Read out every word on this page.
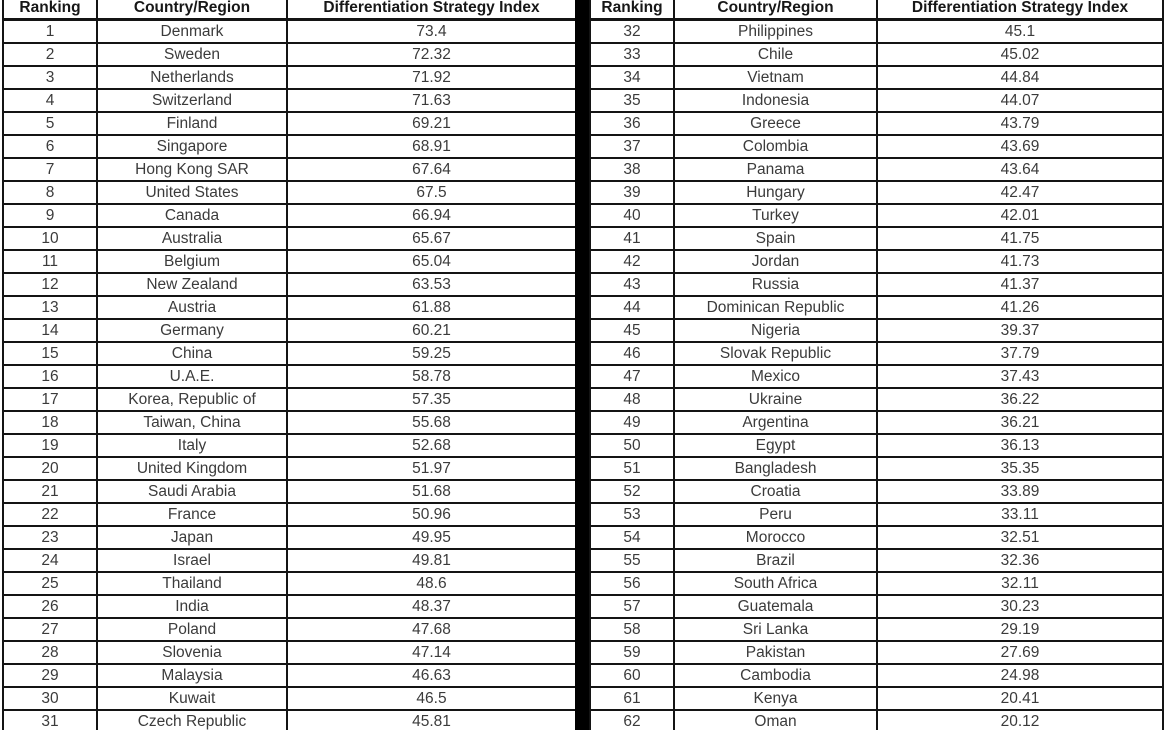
Ranking	Country/Region	Differentiation Strategy Index
1	Denmark	73.4
2	Sweden	72.32
3	Netherlands	71.92
4	Switzerland	71.63
5	Finland	69.21
6	Singapore	68.91
7	Hong Kong SAR	67.64
8	United States	67.5
9	Canada	66.94
10	Australia	65.67
11	Belgium	65.04
12	New Zealand	63.53
13	Austria	61.88
14	Germany	60.21
15	China	59.25
16	U.A.E.	58.78
17	Korea, Republic of	57.35
18	Taiwan, China	55.68
19	Italy	52.68
20	United Kingdom	51.97
21	Saudi Arabia	51.68
22	France	50.96
23	Japan	49.95
24	Israel	49.81
25	Thailand	48.6
26	India	48.37
27	Poland	47.68
28	Slovenia	47.14
29	Malaysia	46.63
30	Kuwait	46.5
31	Czech Republic	45.81
Ranking	Country/Region	Differentiation Strategy Index
32	Philippines	45.1
33	Chile	45.02
34	Vietnam	44.84
35	Indonesia	44.07
36	Greece	43.79
37	Colombia	43.69
38	Panama	43.64
39	Hungary	42.47
40	Turkey	42.01
41	Spain	41.75
42	Jordan	41.73
43	Russia	41.37
44	Dominican Republic	41.26
45	Nigeria	39.37
46	Slovak Republic	37.79
47	Mexico	37.43
48	Ukraine	36.22
49	Argentina	36.21
50	Egypt	36.13
51	Bangladesh	35.35
52	Croatia	33.89
53	Peru	33.11
54	Morocco	32.51
55	Brazil	32.36
56	South Africa	32.11
57	Guatemala	30.23
58	Sri Lanka	29.19
59	Pakistan	27.69
60	Cambodia	24.98
61	Kenya	20.41
62	Oman	20.12
